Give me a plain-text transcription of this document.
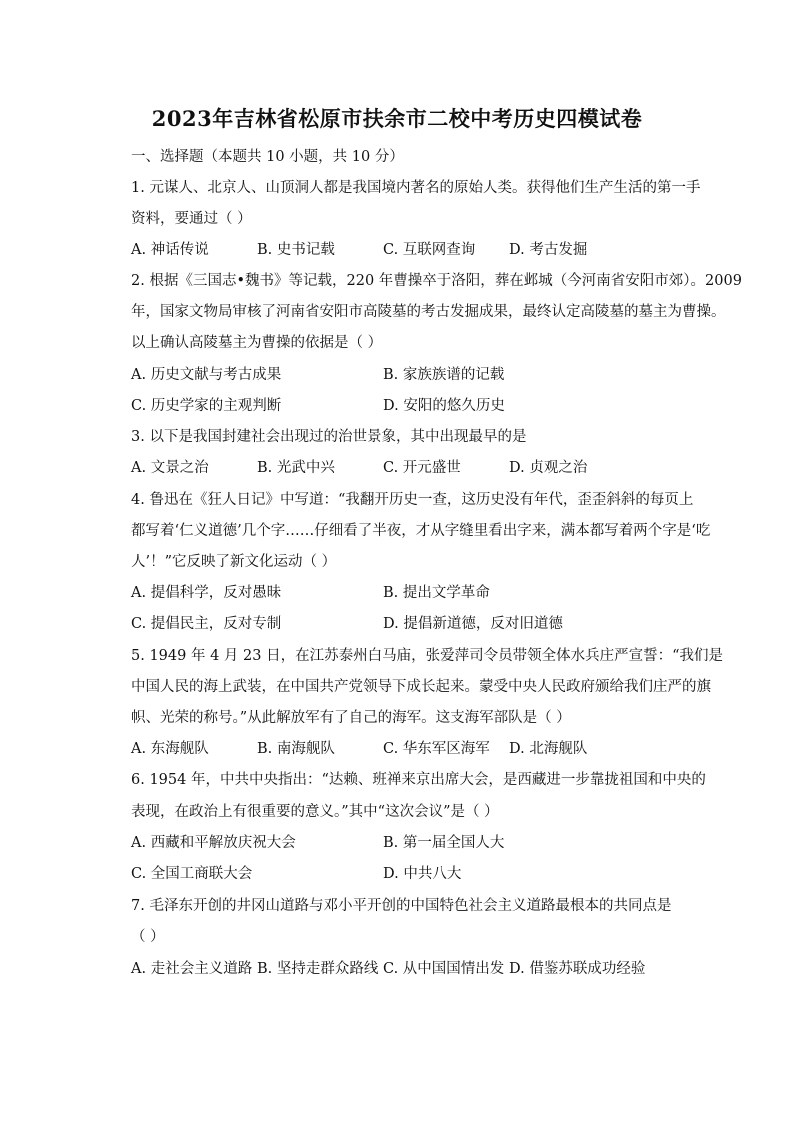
2023年吉林省松原市扶余市二校中考历史四模试卷
一、选择题（本题共 10 小题，共 10 分）
1. 元谋人、北京人、山顶洞人都是我国境内著名的原始人类。获得他们生产生活的第一手
资料，要通过（ ）
A. 神话传说	B. 史书记载	C. 互联网查询 D. 考古发掘
2. 根据《三国志•魏书》等记载，220 年曹操卒于洛阳，葬在邺城（今河南省安阳市郊）。2009
年，国家文物局审核了河南省安阳市高陵墓的考古发掘成果，最终认定高陵墓的墓主为曹操。
以上确认高陵墓主为曹操的依据是（ ）
A. 历史文献与考古成果	B. 家族族谱的记载
C. 历史学家的主观判断	D. 安阳的悠久历史
3. 以下是我国封建社会出现过的治世景象，其中出现最早的是
A. 文景之治	B. 光武中兴	C. 开元盛世	D. 贞观之治
4. 鲁迅在《狂人日记》中写道：“我翻开历史一查，这历史没有年代，歪歪斜斜的每页上
都写着‘仁义道德’几个字……仔细看了半夜，才从字缝里看出字来，满本都写着两个字是‘吃
人’！”它反映了新文化运动（ ）
A. 提倡科学，反对愚昧	B. 提出文学革命
C. 提倡民主，反对专制	D. 提倡新道德，反对旧道德
5. 1949 年 4 月 23 日，在江苏泰州白马庙，张爱萍司令员带领全体水兵庄严宣誓：“我们是
中国人民的海上武装，在中国共产党领导下成长起来。蒙受中央人民政府颁给我们庄严的旗
帜、光荣的称号。”从此解放军有了自己的海军。这支海军部队是（ ）
A. 东海舰队	B. 南海舰队	C. 华东军区海军 D. 北海舰队
6. 1954 年，中共中央指出：“达赖、班禅来京出席大会，是西藏进一步靠拢祖国和中央的
表现，在政治上有很重要的意义。”其中“这次会议”是（ ）
A. 西藏和平解放庆祝大会	B. 第一届全国人大
C. 全国工商联大会	D. 中共八大
7. 毛泽东开创的井冈山道路与邓小平开创的中国特色社会主义道路最根本的共同点是
（ ）
A. 走社会主义道路 B. 坚持走群众路线 C. 从中国国情出发 D. 借鉴苏联成功经验
